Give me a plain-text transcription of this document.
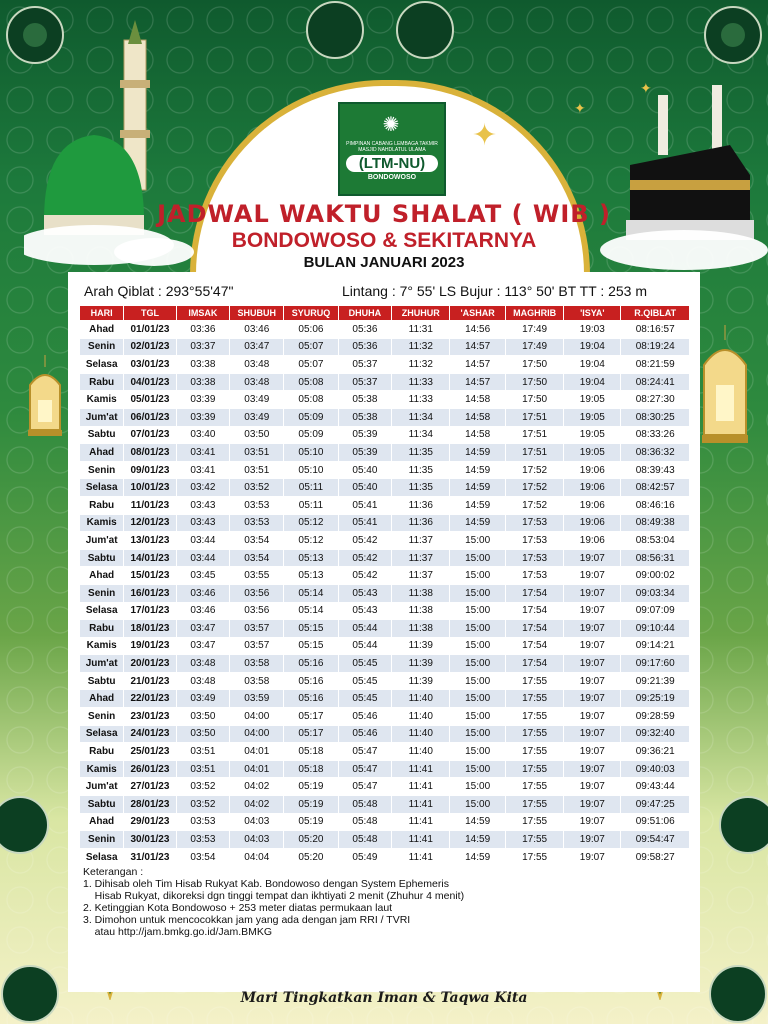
✦
✦
✦
✺
PIMPINAN CABANG LEMBAGA TAKMIR MASJID NAHDLATUL ULAMA
(LTM-NU)
BONDOWOSO
JADWAL WAKTU SHALAT ( WIB )
BONDOWOSO & SEKITARNYA
BULAN JANUARI 2023
Arah Qiblat : 293°55'47"	Lintang : 7° 55' LS Bujur : 113° 50' BT TT : 253 m
HARI	TGL	IMSAK	SHUBUH	SYURUQ	DHUHA	ZHUHUR	'ASHAR	MAGHRIB	'ISYA'	R.QIBLAT
Ahad	01/01/23	03:36	03:46	05:06	05:36	11:31	14:56	17:49	19:03	08:16:57
Senin	02/01/23	03:37	03:47	05:07	05:36	11:32	14:57	17:49	19:04	08:19:24
Selasa	03/01/23	03:38	03:48	05:07	05:37	11:32	14:57	17:50	19:04	08:21:59
Rabu	04/01/23	03:38	03:48	05:08	05:37	11:33	14:57	17:50	19:04	08:24:41
Kamis	05/01/23	03:39	03:49	05:08	05:38	11:33	14:58	17:50	19:05	08:27:30
Jum'at	06/01/23	03:39	03:49	05:09	05:38	11:34	14:58	17:51	19:05	08:30:25
Sabtu	07/01/23	03:40	03:50	05:09	05:39	11:34	14:58	17:51	19:05	08:33:26
Ahad	08/01/23	03:41	03:51	05:10	05:39	11:35	14:59	17:51	19:05	08:36:32
Senin	09/01/23	03:41	03:51	05:10	05:40	11:35	14:59	17:52	19:06	08:39:43
Selasa	10/01/23	03:42	03:52	05:11	05:40	11:35	14:59	17:52	19:06	08:42:57
Rabu	11/01/23	03:43	03:53	05:11	05:41	11:36	14:59	17:52	19:06	08:46:16
Kamis	12/01/23	03:43	03:53	05:12	05:41	11:36	14:59	17:53	19:06	08:49:38
Jum'at	13/01/23	03:44	03:54	05:12	05:42	11:37	15:00	17:53	19:06	08:53:04
Sabtu	14/01/23	03:44	03:54	05:13	05:42	11:37	15:00	17:53	19:07	08:56:31
Ahad	15/01/23	03:45	03:55	05:13	05:42	11:37	15:00	17:53	19:07	09:00:02
Senin	16/01/23	03:46	03:56	05:14	05:43	11:38	15:00	17:54	19:07	09:03:34
Selasa	17/01/23	03:46	03:56	05:14	05:43	11:38	15:00	17:54	19:07	09:07:09
Rabu	18/01/23	03:47	03:57	05:15	05:44	11:38	15:00	17:54	19:07	09:10:44
Kamis	19/01/23	03:47	03:57	05:15	05:44	11:39	15:00	17:54	19:07	09:14:21
Jum'at	20/01/23	03:48	03:58	05:16	05:45	11:39	15:00	17:54	19:07	09:17:60
Sabtu	21/01/23	03:48	03:58	05:16	05:45	11:39	15:00	17:55	19:07	09:21:39
Ahad	22/01/23	03:49	03:59	05:16	05:45	11:40	15:00	17:55	19:07	09:25:19
Senin	23/01/23	03:50	04:00	05:17	05:46	11:40	15:00	17:55	19:07	09:28:59
Selasa	24/01/23	03:50	04:00	05:17	05:46	11:40	15:00	17:55	19:07	09:32:40
Rabu	25/01/23	03:51	04:01	05:18	05:47	11:40	15:00	17:55	19:07	09:36:21
Kamis	26/01/23	03:51	04:01	05:18	05:47	11:41	15:00	17:55	19:07	09:40:03
Jum'at	27/01/23	03:52	04:02	05:19	05:47	11:41	15:00	17:55	19:07	09:43:44
Sabtu	28/01/23	03:52	04:02	05:19	05:48	11:41	15:00	17:55	19:07	09:47:25
Ahad	29/01/23	03:53	04:03	05:19	05:48	11:41	14:59	17:55	19:07	09:51:06
Senin	30/01/23	03:53	04:03	05:20	05:48	11:41	14:59	17:55	19:07	09:54:47
Selasa	31/01/23	03:54	04:04	05:20	05:49	11:41	14:59	17:55	19:07	09:58:27
Keterangan :
1. Dihisab oleh Tim Hisab Rukyat Kab. Bondowoso dengan System Ephemeris
Hisab Rukyat, dikoreksi dgn tinggi tempat dan ikhtiyati 2 menit (Zhuhur 4 menit)
2. Ketinggian Kota Bondowoso + 253 meter diatas permukaan laut
3. Dimohon untuk mencocokkan jam yang ada dengan jam RRI / TVRI
atau http://jam.bmkg.go.id/Jam.BMKG
Mari Tingkatkan Iman & Taqwa Kita
